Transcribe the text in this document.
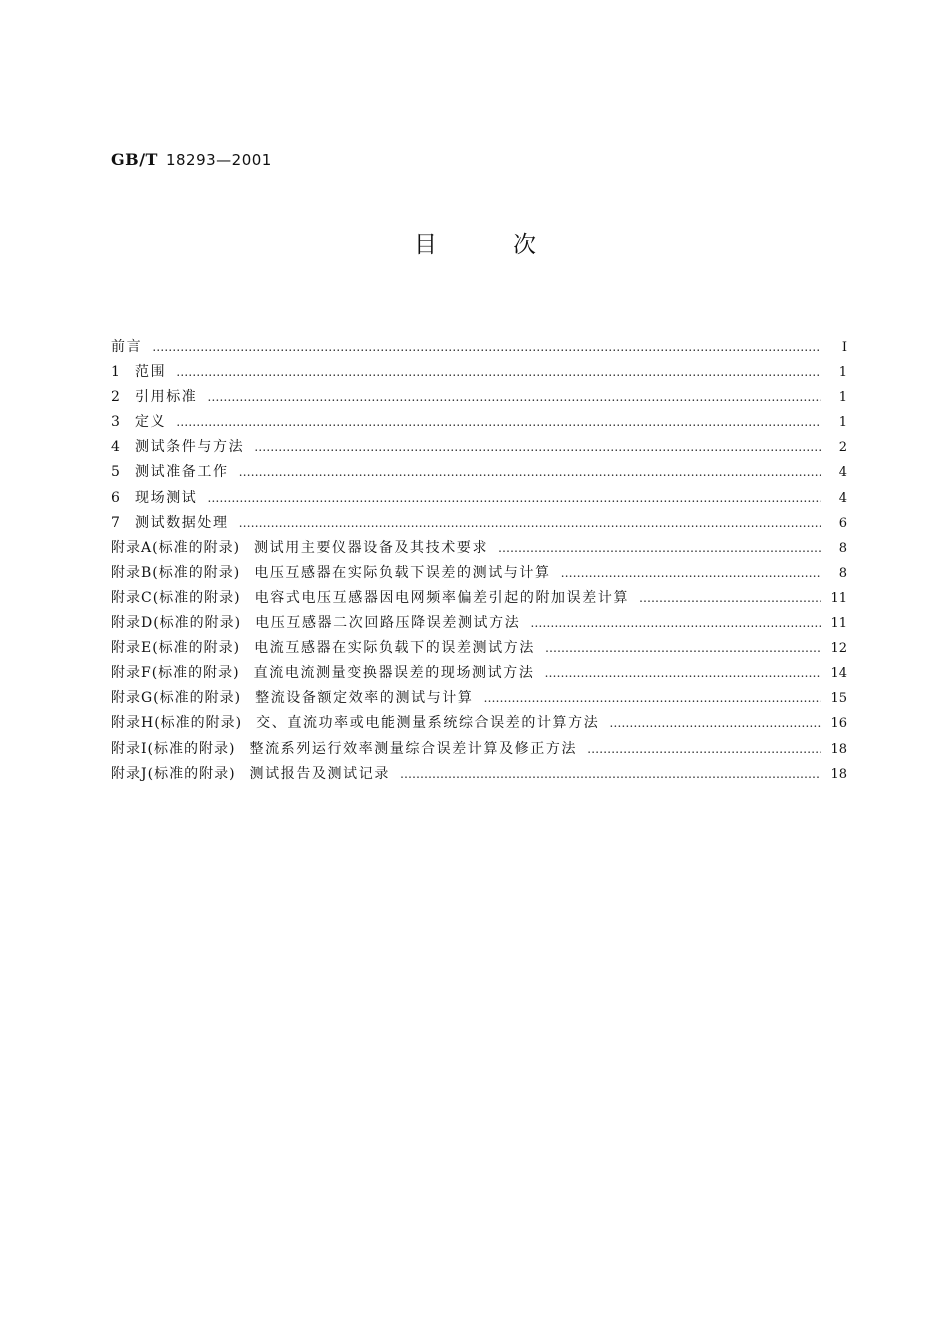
GB/T 18293—2001
目次
前言 ………………………………………………………………………………………………………………………………………………………………………………………………………………………………………………	I
1	范围 ………………………………………………………………………………………………………………………………………………………………………………………………………………………………………………	1
2	引用标准 ………………………………………………………………………………………………………………………………………………………………………………………………………………………………………………	1
3	定义 ………………………………………………………………………………………………………………………………………………………………………………………………………………………………………………	1
4	测试条件与方法 ………………………………………………………………………………………………………………………………………………………………………………………………………………………………………………	2
5	测试准备工作 ………………………………………………………………………………………………………………………………………………………………………………………………………………………………………………	4
6	现场测试 ………………………………………………………………………………………………………………………………………………………………………………………………………………………………………………	4
7	测试数据处理 ………………………………………………………………………………………………………………………………………………………………………………………………………………………………………………	6
附录A(标准的附录) 测试用主要仪器设备及其技术要求 ………………………………………………………………………………………………………………………………………………………………………………………………………………………………………………	8
附录B(标准的附录) 电压互感器在实际负载下误差的测试与计算 ………………………………………………………………………………………………………………………………………………………………………………………………………………………………………………	8
附录C(标准的附录) 电容式电压互感器因电网频率偏差引起的附加误差计算 ………………………………………………………………………………………………………………………………………………………………………………………………………………………………………………	11
附录D(标准的附录) 电压互感器二次回路压降误差测试方法 ………………………………………………………………………………………………………………………………………………………………………………………………………………………………………………	11
附录E(标准的附录) 电流互感器在实际负载下的误差测试方法 ………………………………………………………………………………………………………………………………………………………………………………………………………………………………………………	12
附录F(标准的附录) 直流电流测量变换器误差的现场测试方法 ………………………………………………………………………………………………………………………………………………………………………………………………………………………………………………	14
附录G(标准的附录) 整流设备额定效率的测试与计算 ………………………………………………………………………………………………………………………………………………………………………………………………………………………………………………	15
附录H(标准的附录) 交、直流功率或电能测量系统综合误差的计算方法 ………………………………………………………………………………………………………………………………………………………………………………………………………………………………………………	16
附录I(标准的附录) 整流系列运行效率测量综合误差计算及修正方法 ………………………………………………………………………………………………………………………………………………………………………………………………………………………………………………	18
附录J(标准的附录) 测试报告及测试记录 ………………………………………………………………………………………………………………………………………………………………………………………………………………………………………………	18
